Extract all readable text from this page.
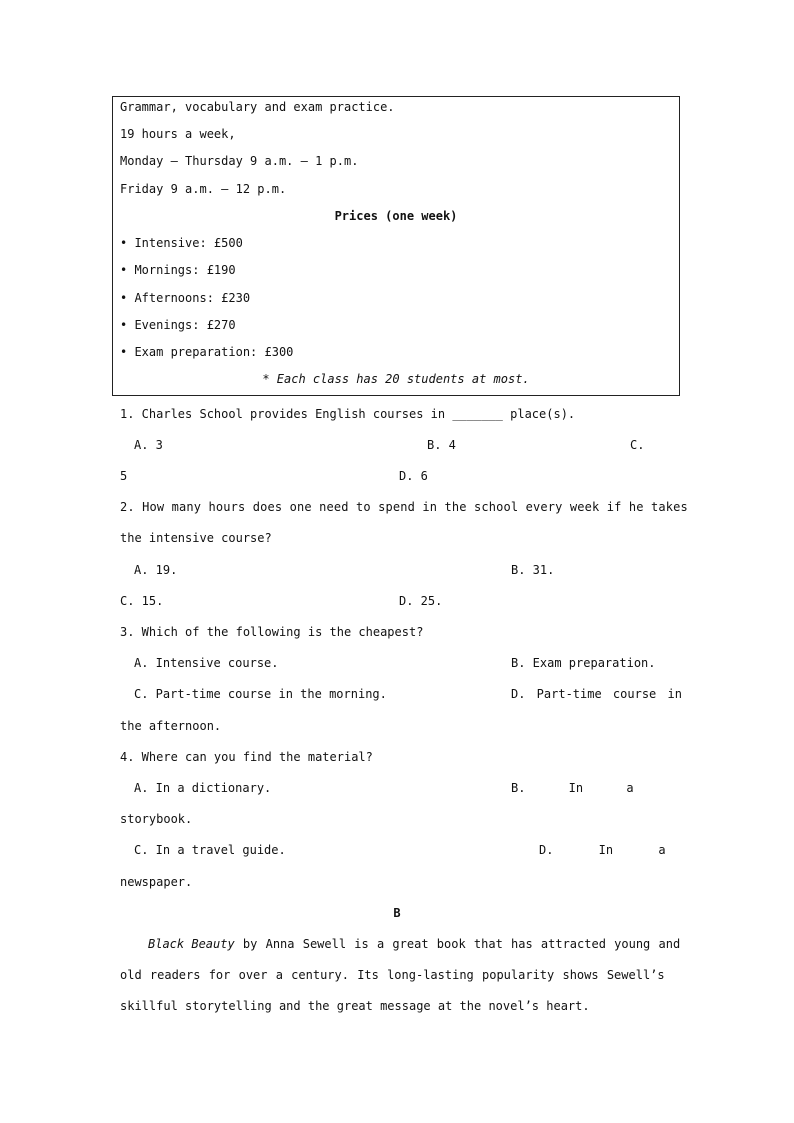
Grammar, vocabulary and exam practice.
19 hours a week,
Monday — Thursday 9 a.m. — 1 p.m.
Friday 9 a.m. — 12 p.m.
Prices (one week)
• Intensive: £500
• Mornings: £190
• Afternoons: £230
• Evenings: £270
• Exam preparation: £300
* Each class has 20 students at most.
1. Charles School provides English courses in _______ place(s).
A. 3	B. 4	C.
5	D. 6
2. How many hours does one need to spend in the school every week if he takes
the intensive course?
A. 19.	B. 31.
C. 15.	D. 25.
3. Which of the following is the cheapest?
A. Intensive course.	B. Exam preparation.
C. Part-time course in the morning.	D. Part-time course in
the afternoon.
4. Where can you find the material?
A. In a dictionary.	B. In a
storybook.
C. In a travel guide.	D. In a
newspaper.
B
Black Beauty by Anna Sewell is a great book that has attracted young and
old readers for over a century. Its long-lasting popularity shows Sewell’s
skillful storytelling and the great message at the novel’s heart.
